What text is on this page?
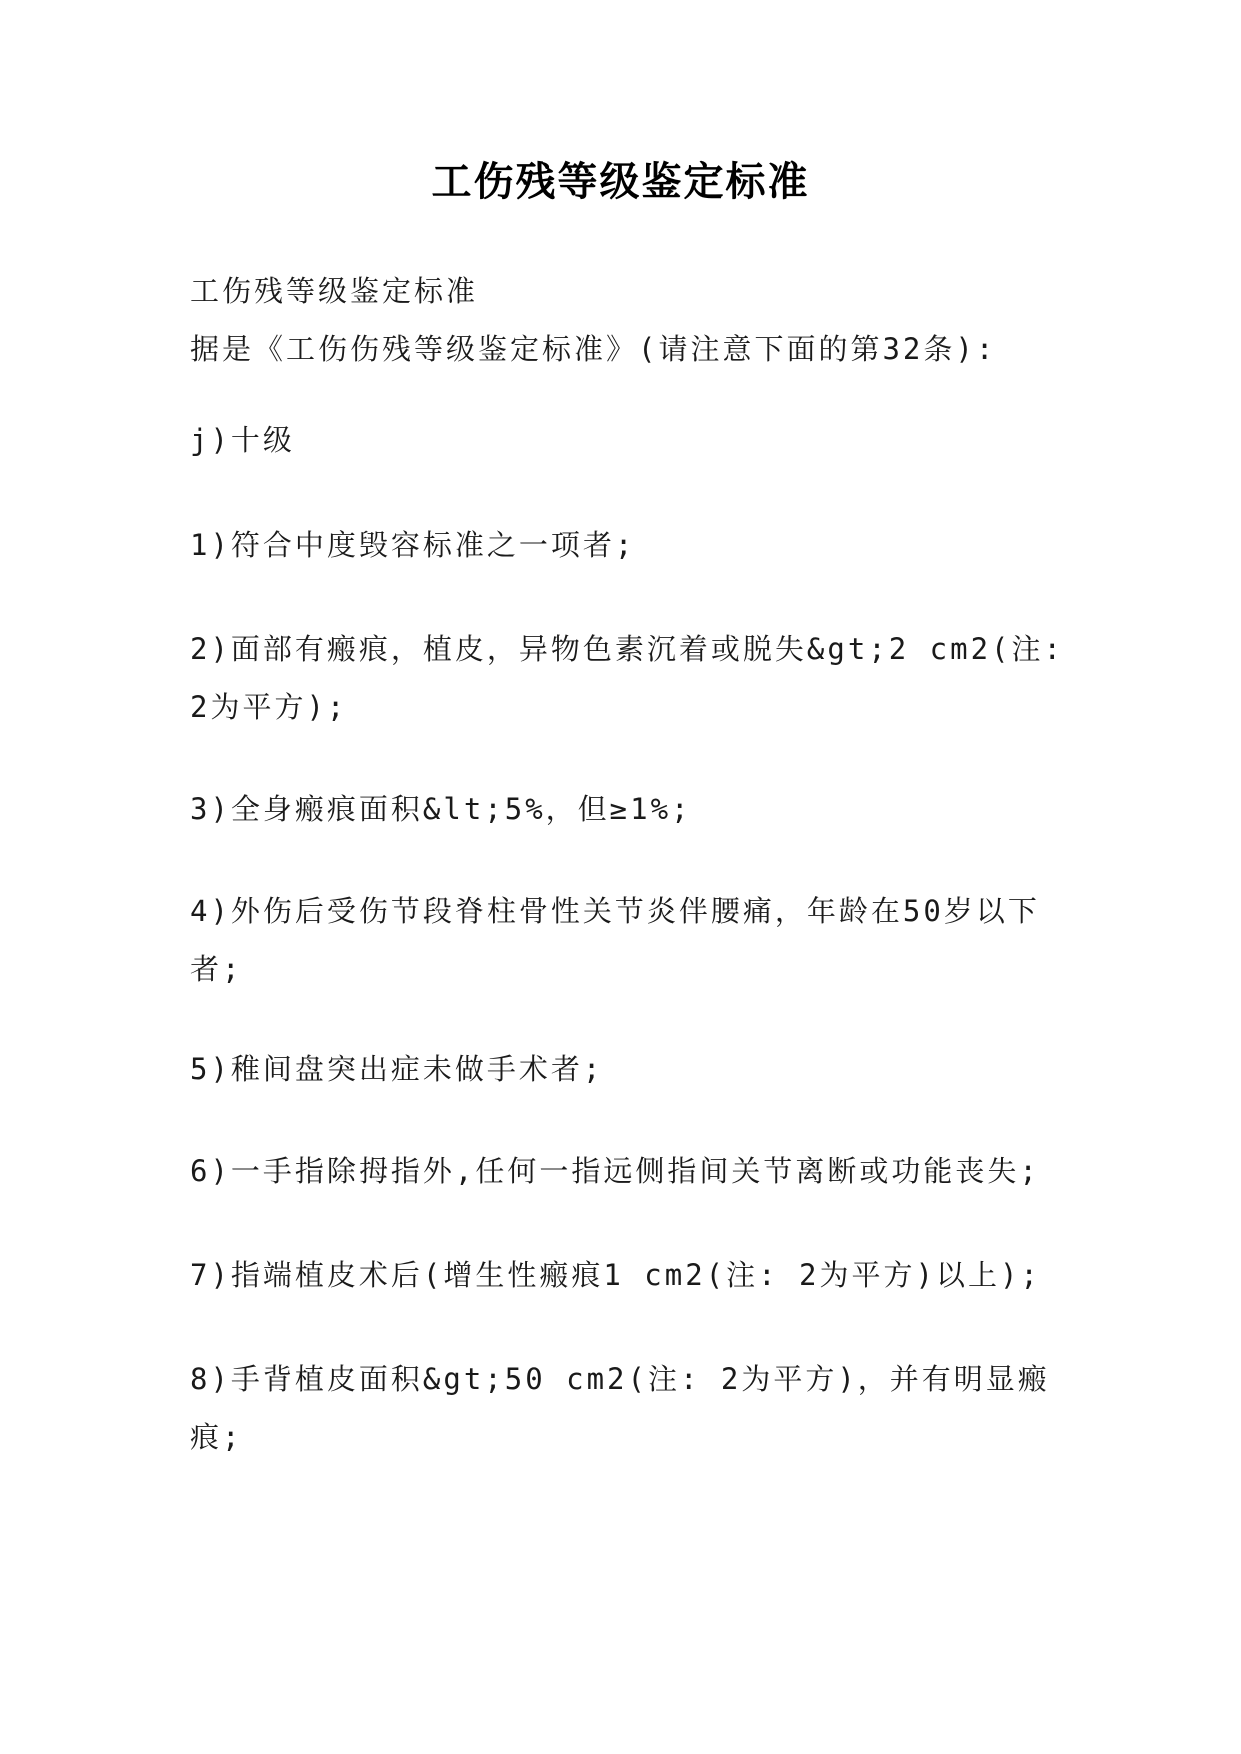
工伤残等级鉴定标准

工伤残等级鉴定标准

据是《工伤伤残等级鉴定标准》(请注意下面的第32条):

j)十级

1)符合中度毁容标准之一项者;

2)面部有瘢痕，植皮，异物色素沉着或脱失&gt;2 cm2(注: 2为平方);

3)全身瘢痕面积&lt;5%，但≥1%;

4)外伤后受伤节段脊柱骨性关节炎伴腰痛，年龄在50岁以下者;

5)稚间盘突出症未做手术者;

6)一手指除拇指外,任何一指远侧指间关节离断或功能丧失;

7)指端植皮术后(增生性瘢痕1 cm2(注: 2为平方)以上);

8)手背植皮面积&gt;50 cm2(注: 2为平方)，并有明显瘢痕;
